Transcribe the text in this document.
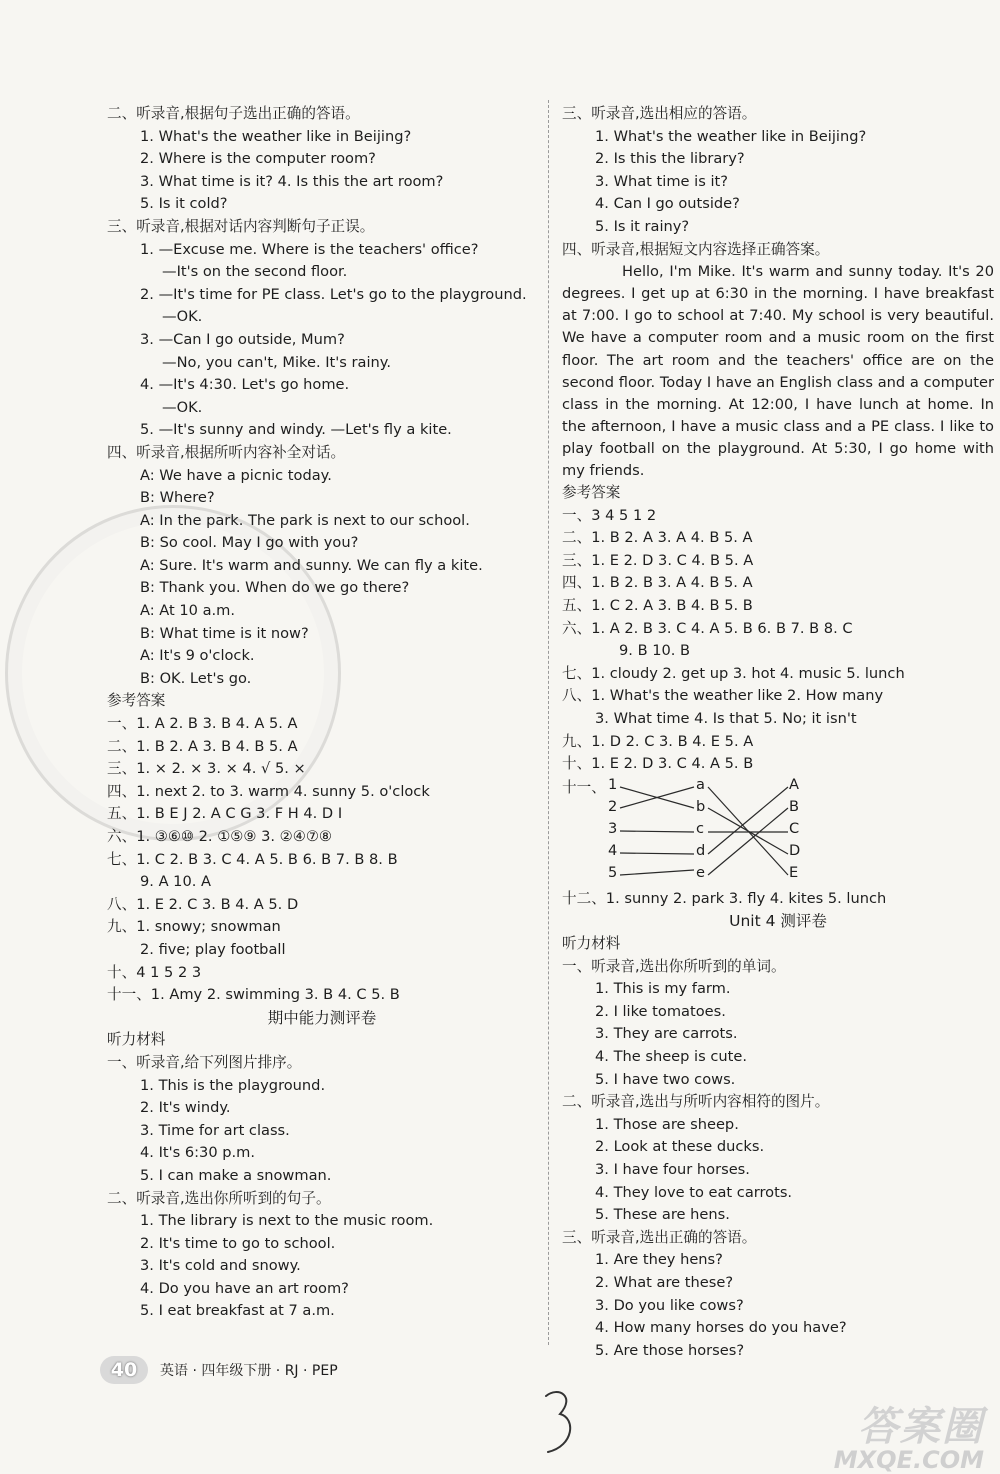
二、听录音,根据句子选出正确的答语。
1. What's the weather like in Beijing?
2. Where is the computer room?
3. What time is it? 4. Is this the art room?
5. Is it cold?
三、听录音,根据对话内容判断句子正误。
1. —Excuse me. Where is the teachers' office?
—It's on the second floor.
2. —It's time for PE class. Let's go to the playground.
—OK.
3. —Can I go outside, Mum?
—No, you can't, Mike. It's rainy.
4. —It's 4:30. Let's go home.
—OK.
5. —It's sunny and windy. —Let's fly a kite.
四、听录音,根据所听内容补全对话。
A: We have a picnic today.
B: Where?
A: In the park. The park is next to our school.
B: So cool. May I go with you?
A: Sure. It's warm and sunny. We can fly a kite.
B: Thank you. When do we go there?
A: At 10 a.m.
B: What time is it now?
A: It's 9 o'clock.
B: OK. Let's go.
参考答案
一、1. A 2. B 3. B 4. A 5. A
二、1. B 2. A 3. B 4. B 5. A
三、1. × 2. × 3. × 4. √ 5. ×
四、1. next 2. to 3. warm 4. sunny 5. o'clock
五、1. B E J 2. A C G 3. F H 4. D I
六、1. ③⑥⑩ 2. ①⑤⑨ 3. ②④⑦⑧
七、1. C 2. B 3. C 4. A 5. B 6. B 7. B 8. B
9. A 10. A
八、1. E 2. C 3. B 4. A 5. D
九、1. snowy; snowman
2. five; play football
十、4 1 5 2 3
十一、1. Amy 2. swimming 3. B 4. C 5. B
期中能力测评卷
听力材料
一、听录音,给下列图片排序。
1. This is the playground.
2. It's windy.
3. Time for art class.
4. It's 6:30 p.m.
5. I can make a snowman.
二、听录音,选出你所听到的句子。
1. The library is next to the music room.
2. It's time to go to school.
3. It's cold and snowy.
4. Do you have an art room?
5. I eat breakfast at 7 a.m.
三、听录音,选出相应的答语。
1. What's the weather like in Beijing?
2. Is this the library?
3. What time is it?
4. Can I go outside?
5. Is it rainy?
四、听录音,根据短文内容选择正确答案。

Hello, I'm Mike. It's warm and sunny today. It's 20 degrees. I get up at 6:30 in the morning. I have breakfast at 7:00. I go to school at 7:40. My school is very beautiful. We have a computer room and a music room on the first floor. The art room and the teachers' office are on the second floor. Today I have an English class and a computer class in the morning. At 12:00, I have lunch at home. In the afternoon, I have a music class and a PE class. I like to play football on the playground. At 5:30, I go home with my friends.

参考答案
一、3 4 5 1 2
二、1. B 2. A 3. A 4. B 5. A
三、1. E 2. D 3. C 4. B 5. A
四、1. B 2. B 3. A 4. B 5. A
五、1. C 2. A 3. B 4. B 5. B
六、1. A 2. B 3. C 4. A 5. B 6. B 7. B 8. C
9. B 10. B
七、1. cloudy 2. get up 3. hot 4. music 5. lunch
八、1. What's the weather like 2. How many
3. What time 4. Is that 5. No; it isn't
九、1. D 2. C 3. B 4. E 5. A
十、1. E 2. D 3. C 4. A 5. B
十一、 1	a	A
2	b	B
3	c	C
4	d	D
5	e	E
十二、1. sunny 2. park 3. fly 4. kites 5. lunch
Unit 4 测评卷
听力材料
一、听录音,选出你所听到的单词。
1. This is my farm.
2. I like tomatoes.
3. They are carrots.
4. The sheep is cute.
5. I have two cows.
二、听录音,选出与所听内容相符的图片。
1. Those are sheep.
2. Look at these ducks.
3. I have four horses.
4. They love to eat carrots.
5. These are hens.
三、听录音,选出正确的答语。
1. Are they hens?
2. What are these?
3. Do you like cows?
4. How many horses do you have?
5. Are those horses?
40	英语 · 四年级下册 · RJ · PEP
答案圈
MXQE.COM
